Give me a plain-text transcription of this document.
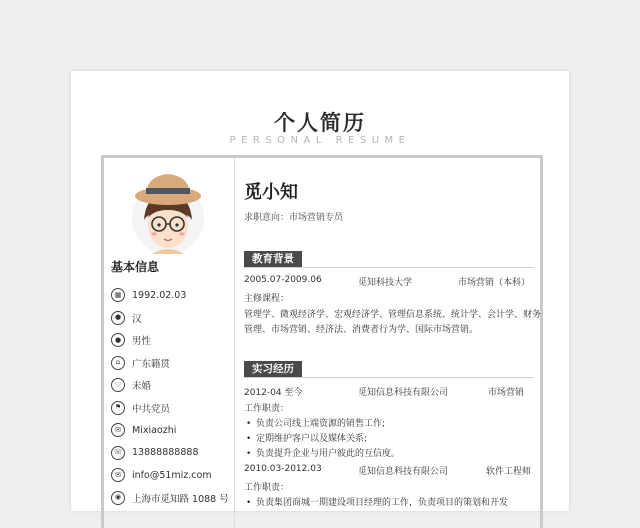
个人简历
PERSONAL RESUME
基本信息
▦	1992.02.03
●	汉
●	男性
⌂	广东籍贯
♡	未婚
⚑	中共党员
✉	Mixiaozhi
☏ 13888888888
✉	info@51miz.com
◉	上海市觅知路 1088 号
觅小知
求职意向：市场营销专员
教育背景
2005.07-2009.06	觅知科技大学	市场营销（本科）
主修课程：
管理学、微观经济学、宏观经济学、管理信息系统、统计学、会计学、财务
管理、市场营销、经济法、消费者行为学、国际市场营销。
实习经历
2012-04 至今	觅知信息科技有限公司	市场营销
工作职责：
• 负责公司线上端资源的销售工作;
• 定期维护客户以及媒体关系;
• 负责提升企业与用户彼此的互信度。
2010.03-2012.03	觅知信息科技有限公司	软件工程师
工作职责：
• 负责集团商城一期建设项目经理的工作，负责项目的策划和开发
